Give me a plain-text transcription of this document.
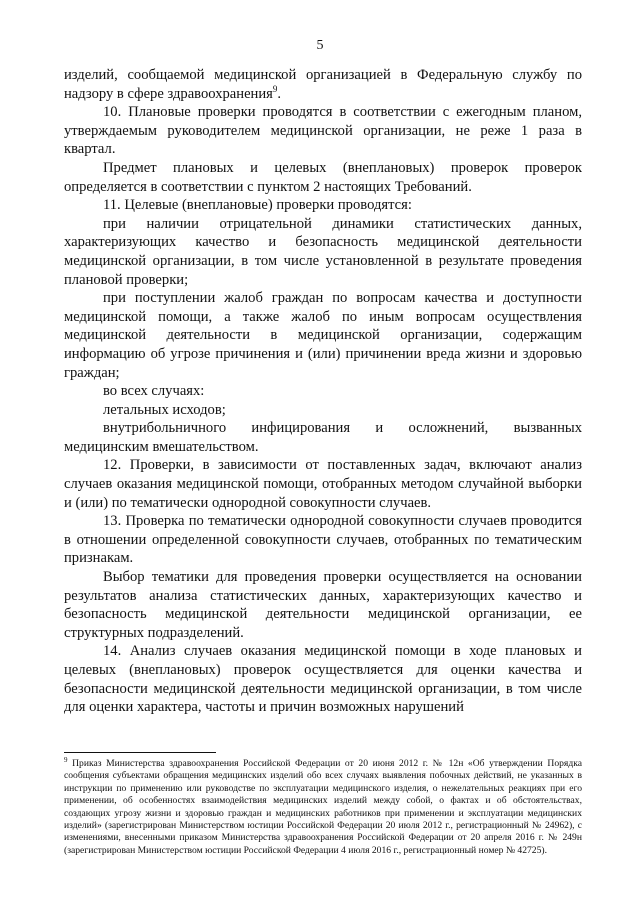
5

изделий, сообщаемой медицинской организацией в Федеральную службу по надзору в сфере здравоохранения$^9$.

10. Плановые проверки проводятся в соответствии с ежегодным планом, утверждаемым руководителем медицинской организации, не реже 1 раза в квартал.

Предмет плановых и целевых (внеплановых) проверок проверок определяется в соответствии с пунктом 2 настоящих Требований.

11. Целевые (внеплановые) проверки проводятся:

при наличии отрицательной динамики статистических данных, характеризующих качество и безопасность медицинской деятельности медицинской организации, в том числе установленной в результате проведения плановой проверки;

при поступлении жалоб граждан по вопросам качества и доступности медицинской помощи, а также жалоб по иным вопросам осуществления медицинской деятельности в медицинской организации, содержащим информацию об угрозе причинения и (или) причинении вреда жизни и здоровью граждан;

во всех случаях:

летальных исходов;

внутрибольничного инфицирования и осложнений, вызванных медицинским вмешательством.

12. Проверки, в зависимости от поставленных задач, включают анализ случаев оказания медицинской помощи, отобранных методом случайной выборки и (или) по тематически однородной совокупности случаев.

13. Проверка по тематически однородной совокупности случаев проводится в отношении определенной совокупности случаев, отобранных по тематическим признакам.

Выбор тематики для проведения проверки осуществляется на основании результатов анализа статистических данных, характеризующих качество и безопасность медицинской деятельности медицинской организации, ее структурных подразделений.

14. Анализ случаев оказания медицинской помощи в ходе плановых и целевых (внеплановых) проверок осуществляется для оценки качества и безопасности медицинской деятельности медицинской организации, в том числе для оценки характера, частоты и причин возможных нарушений

$^9$ Приказ Министерства здравоохранения Российской Федерации от 20 июня 2012 г. № 12н «Об утверждении Порядка сообщения субъектами обращения медицинских изделий обо всех случаях выявления побочных действий, не указанных в инструкции по применению или руководстве по эксплуатации медицинского изделия, о нежелательных реакциях при его применении, об особенностях взаимодействия медицинских изделий между собой, о фактах и об обстоятельствах, создающих угрозу жизни и здоровью граждан и медицинских работников при применении и эксплуатации медицинских изделий» (зарегистрирован Министерством юстиции Российской Федерации 20 июля 2012 г., регистрационный № 24962), с изменениями, внесенными приказом Министерства здравоохранения Российской Федерации от 20 апреля 2016 г. № 249н (зарегистрирован Министерством юстиции Российской Федерации 4 июля 2016 г., регистрационный номер № 42725).
